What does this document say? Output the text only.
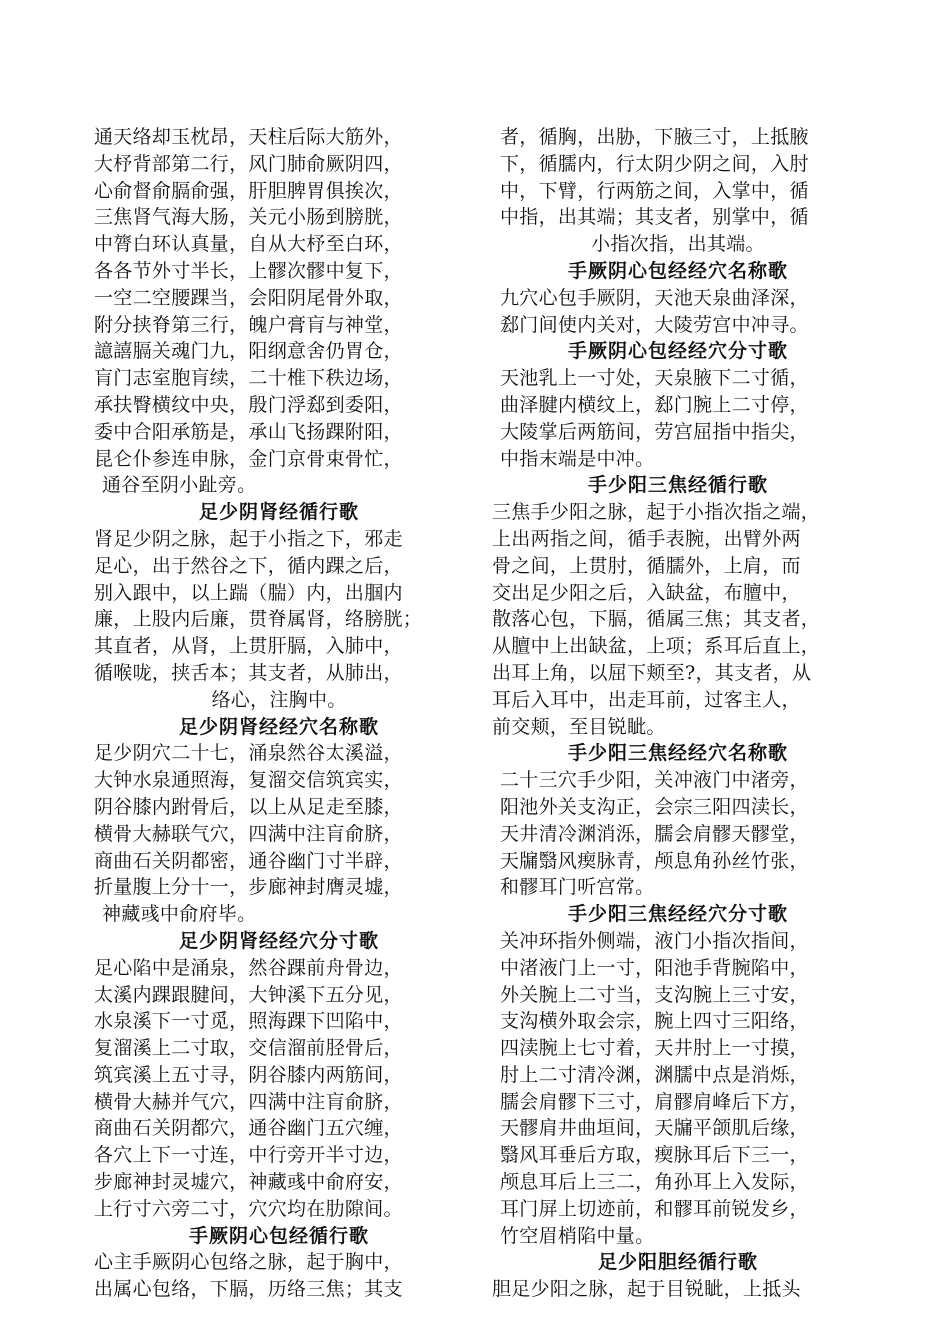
通天络却玉枕昂，天柱后际大筋外，
大杼背部第二行，风门肺俞厥阴四，
心俞督俞膈俞强，肝胆脾胃俱挨次，
三焦肾气海大肠，关元小肠到膀胱，
中膂白环认真量，自从大杼至白环，
各各节外寸半长，上髎次髎中复下，
一空二空腰踝当，会阳阴尾骨外取，
附分挟脊第三行，魄户膏肓与神堂，
譩譆膈关魂门九，阳纲意舍仍胃仓，
肓门志室胞肓续，二十椎下秩边场，
承扶臀横纹中央，殷门浮郄到委阳，
委中合阳承筋是，承山飞扬踝附阳，
昆仑仆参连申脉，金门京骨束骨忙，
通谷至阴小趾旁。
足少阴肾经循行歌
肾足少阴之脉，起于小指之下，邪走
足心，出于然谷之下，循内踝之后，
别入跟中，以上踹（腨）内，出腘内
廉，上股内后廉，贯脊属肾，络膀胱；
其直者，从肾，上贯肝膈，入肺中，
循喉咙，挟舌本；其支者，从肺出，
络心，注胸中。
足少阴肾经经穴名称歌
足少阴穴二十七，涌泉然谷太溪溢，
大钟水泉通照海，复溜交信筑宾实，
阴谷膝内跗骨后，以上从足走至膝，
横骨大赫联气穴，四满中注肓俞脐，
商曲石关阴都密，通谷幽门寸半辟，
折量腹上分十一，步廊神封膺灵墟，
神藏彧中俞府毕。
足少阴肾经经穴分寸歌
足心陷中是涌泉，然谷踝前舟骨边，
太溪内踝跟腱间，大钟溪下五分见，
水泉溪下一寸觅，照海踝下凹陷中，
复溜溪上二寸取，交信溜前胫骨后，
筑宾溪上五寸寻，阴谷膝内两筋间，
横骨大赫并气穴，四满中注肓俞脐，
商曲石关阴都穴，通谷幽门五穴缠，
各穴上下一寸连，中行旁开半寸边，
步廊神封灵墟穴，神藏彧中俞府安，
上行寸六旁二寸，穴穴均在肋隙间。
手厥阴心包经循行歌
心主手厥阴心包络之脉，起于胸中，
出属心包络，下膈，历络三焦；其支
者，循胸，出胁，下腋三寸，上抵腋
下，循臑内，行太阴少阴之间，入肘
中，下臂，行两筋之间，入掌中，循
中指，出其端；其支者，别掌中，循
小指次指，出其端。
手厥阴心包经经穴名称歌
九穴心包手厥阴，天池天泉曲泽深，
郄门间使内关对，大陵劳宫中冲寻。
手厥阴心包经经穴分寸歌
天池乳上一寸处，天泉腋下二寸循，
曲泽腱内横纹上，郄门腕上二寸停，
大陵掌后两筋间，劳宫屈指中指尖，
中指末端是中冲。
手少阳三焦经循行歌
三焦手少阳之脉，起于小指次指之端，
上出两指之间，循手表腕，出臂外两
骨之间，上贯肘，循臑外，上肩，而
交出足少阳之后，入缺盆，布膻中，
散落心包，下膈，循属三焦；其支者，
从膻中上出缺盆，上项；系耳后直上，
出耳上角，以屈下颊至?，其支者，从
耳后入耳中，出走耳前，过客主人，
前交颊，至目锐眦。
手少阳三焦经经穴名称歌
二十三穴手少阳，关冲液门中渚旁，
阳池外关支沟正，会宗三阳四渎长，
天井清冷渊消泺，臑会肩髎天髎堂，
天牖翳风瘈脉青，颅息角孙丝竹张，
和髎耳门听宫常。
手少阳三焦经经穴分寸歌
关冲环指外侧端，液门小指次指间，
中渚液门上一寸，阳池手背腕陷中，
外关腕上二寸当，支沟腕上三寸安，
支沟横外取会宗，腕上四寸三阳络，
四渎腕上七寸着，天井肘上一寸摸，
肘上二寸清冷渊，渊臑中点是消烁，
臑会肩髎下三寸，肩髎肩峰后下方，
天髎肩井曲垣间，天牖平颌肌后缘，
翳风耳垂后方取，瘈脉耳后下三一，
颅息耳后上三二，角孙耳上入发际，
耳门屏上切迹前，和髎耳前锐发乡，
竹空眉梢陷中量。
足少阳胆经循行歌
胆足少阳之脉，起于目锐眦，上抵头
